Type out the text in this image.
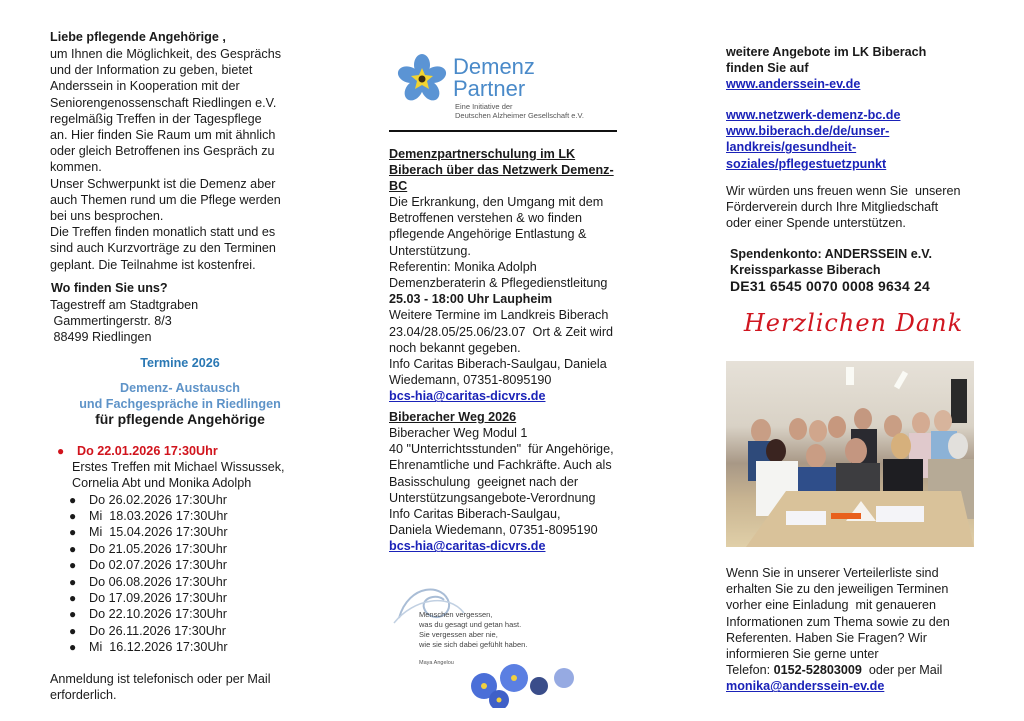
Liebe pflegende Angehörige ,

um Ihnen die Möglichkeit, des Gesprächs

und der Information zu geben, bietet

Anderssein in Kooperation mit der

Seniorengenossenschaft Riedlingen e.V.

regelmäßig Treffen in der Tagespflege

an. Hier finden Sie Raum um mit ähnlich

oder gleich Betroffenen ins Gespräch zu

kommen.

Unser Schwerpunkt ist die Demenz aber

auch Themen rund um die Pflege werden

bei uns besprochen.

Die Treffen finden monatlich statt und es

sind auch Kurzvorträge zu den Terminen

geplant. Die Teilnahme ist kostenfrei.

Wo finden Sie uns?

Tagestreff am Stadtgraben

Gammertingerstr. 8/3

88499 Riedlingen

Termine 2026
Demenz- Austausch
und Fachgespräche in Riedlingen
für pflegende Angehörige
●	Do 22.01.2026 17:30Uhr

Erstes Treffen mit Michael Wissussek,
Cornelia Abt und Monika Adolph

●	Do 26.02.2026 17:30Uhr
●	Mi  18.03.2026 17:30Uhr
●	Mi  15.04.2026 17:30Uhr
●	Do 21.05.2026 17:30Uhr
●	Do 02.07.2026 17:30Uhr
●	Do 06.08.2026 17:30Uhr
●	Do 17.09.2026 17:30Uhr
●	Do 22.10.2026 17:30Uhr
●	Do 26.11.2026 17:30Uhr
●	Mi  16.12.2026 17:30Uhr

Anmeldung ist telefonisch oder per Mail

erforderlich.

Demenz
Partner
Eine Initiative der
Deutschen Alzheimer Gesellschaft e.V.

Demenzpartnerschulung im LK

Biberach über das Netzwerk Demenz-

BC

Die Erkrankung, den Umgang mit dem

Betroffenen verstehen & wo finden

pflegende Angehörige Entlastung &

Unterstützung.

Referentin: Monika Adolph

Demenzberaterin & Pflegedienstleitung

25.03 - 18:00 Uhr Laupheim

Weitere Termine im Landkreis Biberach

23.04/28.05/25.06/23.07  Ort & Zeit wird

noch bekannt gegeben.

Info Caritas Biberach-Saulgau, Daniela

Wiedemann, 07351-8095190

bcs-hia@caritas-dicvrs.de

Biberacher Weg 2026

Biberacher Weg Modul 1

40 "Unterrichtsstunden"  für Angehörige,

Ehrenamtliche und Fachkräfte. Auch als

Basisschulung  geeignet nach der

Unterstützungsangebote-Verordnung

Info Caritas Biberach-Saulgau,

Daniela Wiedemann, 07351-8095190

bcs-hia@caritas-dicvrs.de

Menschen vergessen,
was du gesagt und getan hast.
Sie vergessen aber nie,
wie sie sich dabei gefühlt haben.
Maya Angelou

weitere Angebote im LK Biberach

finden Sie auf

www.anderssein-ev.de

www.netzwerk-demenz-bc.de

www.biberach.de/de/unser-

landkreis/gesundheit-

soziales/pflegestuetzpunkt

Wir würden uns freuen wenn Sie  unseren

Förderverein durch Ihre Mitgliedschaft

oder einer Spende unterstützen.

Spendenkonto: ANDERSSEIN e.V.

Kreissparkasse Biberach

DE31 6545 0070 0008 9634 24

Herzlichen Dank

Wenn Sie in unserer Verteilerliste sind

erhalten Sie zu den jeweiligen Terminen

vorher eine Einladung  mit genaueren

Informationen zum Thema sowie zu den

Referenten. Haben Sie Fragen? Wir

informieren Sie gerne unter

Telefon: 0152-52803009  oder per Mail

monika@anderssein-ev.de
